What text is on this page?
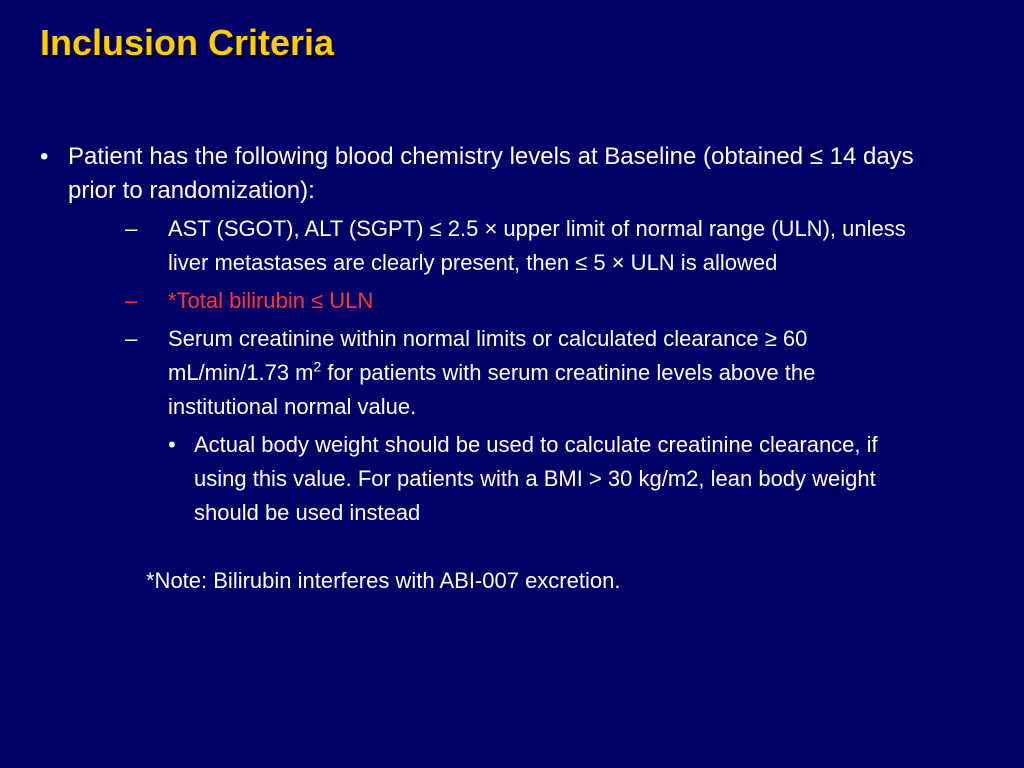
Inclusion Criteria
• Patient has the following blood chemistry levels at Baseline (obtained ≤ 14 days prior to randomization):
– AST (SGOT), ALT (SGPT) ≤ 2.5 × upper limit of normal range (ULN), unless liver metastases are clearly present, then ≤ 5 × ULN is allowed
– *Total bilirubin ≤ ULN
– Serum creatinine within normal limits or calculated clearance ≥ 60 mL/min/1.73 $m^2$ for patients with serum creatinine levels above the institutional normal value.
• Actual body weight should be used to calculate creatinine clearance, if using this value. For patients with a BMI > 30 kg/m2, lean body weight should be used instead
*Note: Bilirubin interferes with ABI-007 excretion.
